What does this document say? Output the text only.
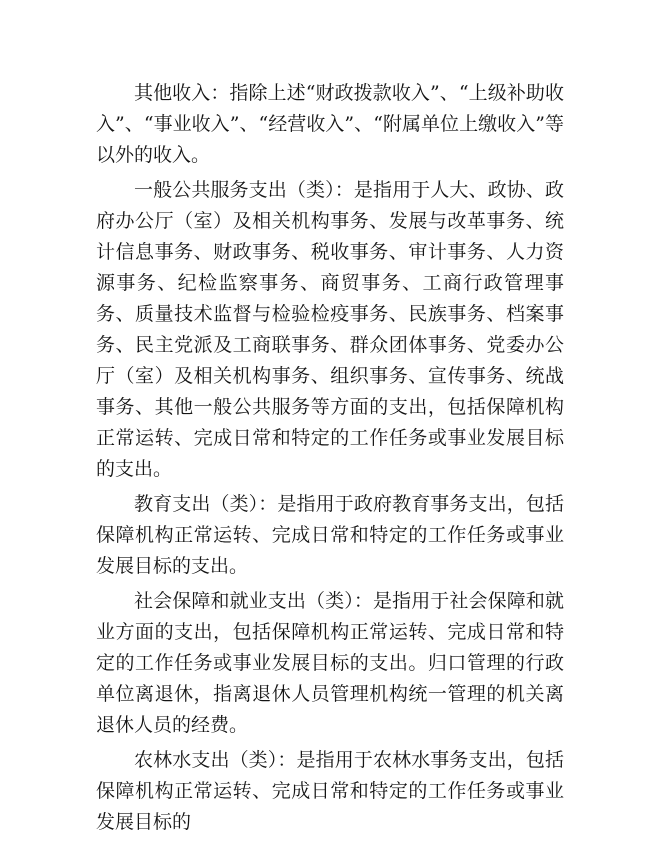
其他收入：指除上述“财政拨款收入”、“上级补助收入”、“事业收入”、“经营收入”、“附属单位上缴收入”等以外的收入。

一般公共服务支出（类）：是指用于人大、政协、政府办公厅（室）及相关机构事务、发展与改革事务、统计信息事务、财政事务、税收事务、审计事务、人力资源事务、纪检监察事务、商贸事务、工商行政管理事务、质量技术监督与检验检疫事务、民族事务、档案事务、民主党派及工商联事务、群众团体事务、党委办公厅（室）及相关机构事务、组织事务、宣传事务、统战事务、其他一般公共服务等方面的支出，包括保障机构正常运转、完成日常和特定的工作任务或事业发展目标的支出。

教育支出（类）：是指用于政府教育事务支出，包括保障机构正常运转、完成日常和特定的工作任务或事业发展目标的支出。

社会保障和就业支出（类）：是指用于社会保障和就业方面的支出，包括保障机构正常运转、完成日常和特定的工作任务或事业发展目标的支出。归口管理的行政单位离退休，指离退休人员管理机构统一管理的机关离退休人员的经费。

农林水支出（类）：是指用于农林水事务支出，包括保障机构正常运转、完成日常和特定的工作任务或事业发展目标的
